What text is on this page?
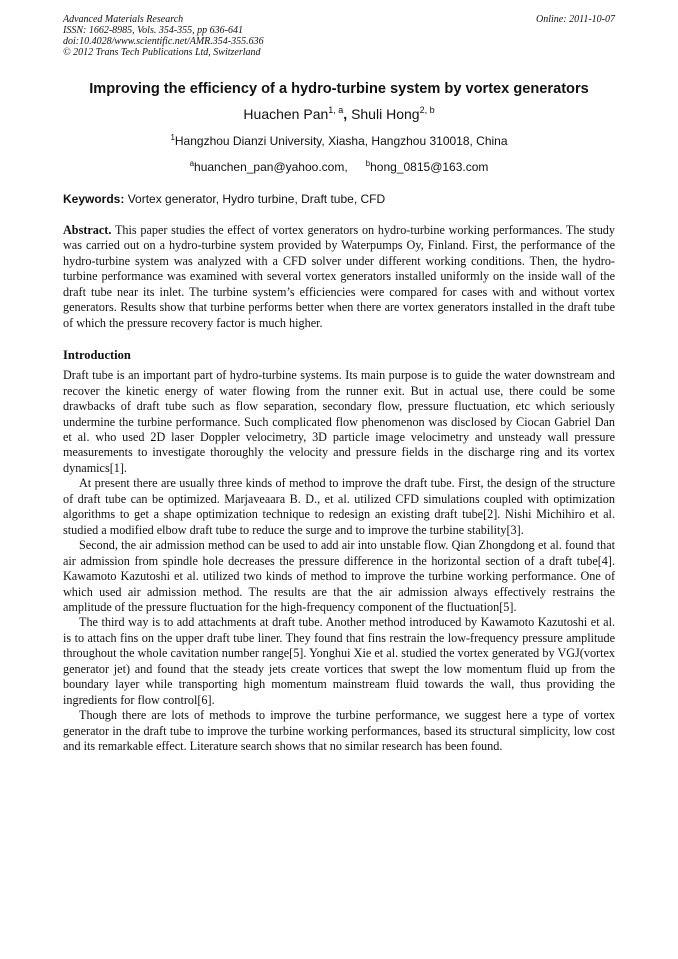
Advanced Materials Research
ISSN: 1662-8985, Vols. 354-355, pp 636-641
doi:10.4028/www.scientific.net/AMR.354-355.636
© 2012 Trans Tech Publications Ltd, Switzerland
Online: 2011-10-07
Improving the efficiency of a hydro-turbine system by vortex generators
Huachen Pan$^{1, a}$, Shuli Hong$^{2, b}$
$^1$Hangzhou Dianzi University, Xiasha, Hangzhou 310018, China
$^a$huanchen_pan@yahoo.com, $^b$hong_0815@163.com
Keywords: Vortex generator, Hydro turbine, Draft tube, CFD

Abstract. This paper studies the effect of vortex generators on hydro-turbine working performances. The study was carried out on a hydro-turbine system provided by Waterpumps Oy, Finland. First, the performance of the hydro-turbine system was analyzed with a CFD solver under different working conditions. Then, the hydro-turbine performance was examined with several vortex generators installed uniformly on the inside wall of the draft tube near its inlet. The turbine system’s efficiencies were compared for cases with and without vortex generators. Results show that turbine performs better when there are vortex generators installed in the draft tube of which the pressure recovery factor is much higher.

Introduction

Draft tube is an important part of hydro-turbine systems. Its main purpose is to guide the water downstream and recover the kinetic energy of water flowing from the runner exit. But in actual use, there could be some drawbacks of draft tube such as flow separation, secondary flow, pressure fluctuation, etc which seriously undermine the turbine performance. Such complicated flow phenomenon was disclosed by Ciocan Gabriel Dan et al. who used 2D laser Doppler velocimetry, 3D particle image velocimetry and unsteady wall pressure measurements to investigate thoroughly the velocity and pressure fields in the discharge ring and its vortex dynamics[1].

At present there are usually three kinds of method to improve the draft tube. First, the design of the structure of draft tube can be optimized. Marjaveaara B. D., et al. utilized CFD simulations coupled with optimization algorithms to get a shape optimization technique to redesign an existing draft tube[2]. Nishi Michihiro et al. studied a modified elbow draft tube to reduce the surge and to improve the turbine stability[3].

Second, the air admission method can be used to add air into unstable flow. Qian Zhongdong et al. found that air admission from spindle hole decreases the pressure difference in the horizontal section of a draft tube[4]. Kawamoto Kazutoshi et al. utilized two kinds of method to improve the turbine working performance. One of which used air admission method. The results are that the air admission always effectively restrains the amplitude of the pressure fluctuation for the high-frequency component of the fluctuation[5].

The third way is to add attachments at draft tube. Another method introduced by Kawamoto Kazutoshi et al. is to attach fins on the upper draft tube liner. They found that fins restrain the low-frequency pressure amplitude throughout the whole cavitation number range[5]. Yonghui Xie et al. studied the vortex generated by VGJ(vortex generator jet) and found that the steady jets create vortices that swept the low momentum fluid up from the boundary layer while transporting high momentum mainstream fluid towards the wall, thus providing the ingredients for flow control[6].

Though there are lots of methods to improve the turbine performance, we suggest here a type of vortex generator in the draft tube to improve the turbine working performances, based its structural simplicity, low cost and its remarkable effect. Literature search shows that no similar research has been found.
